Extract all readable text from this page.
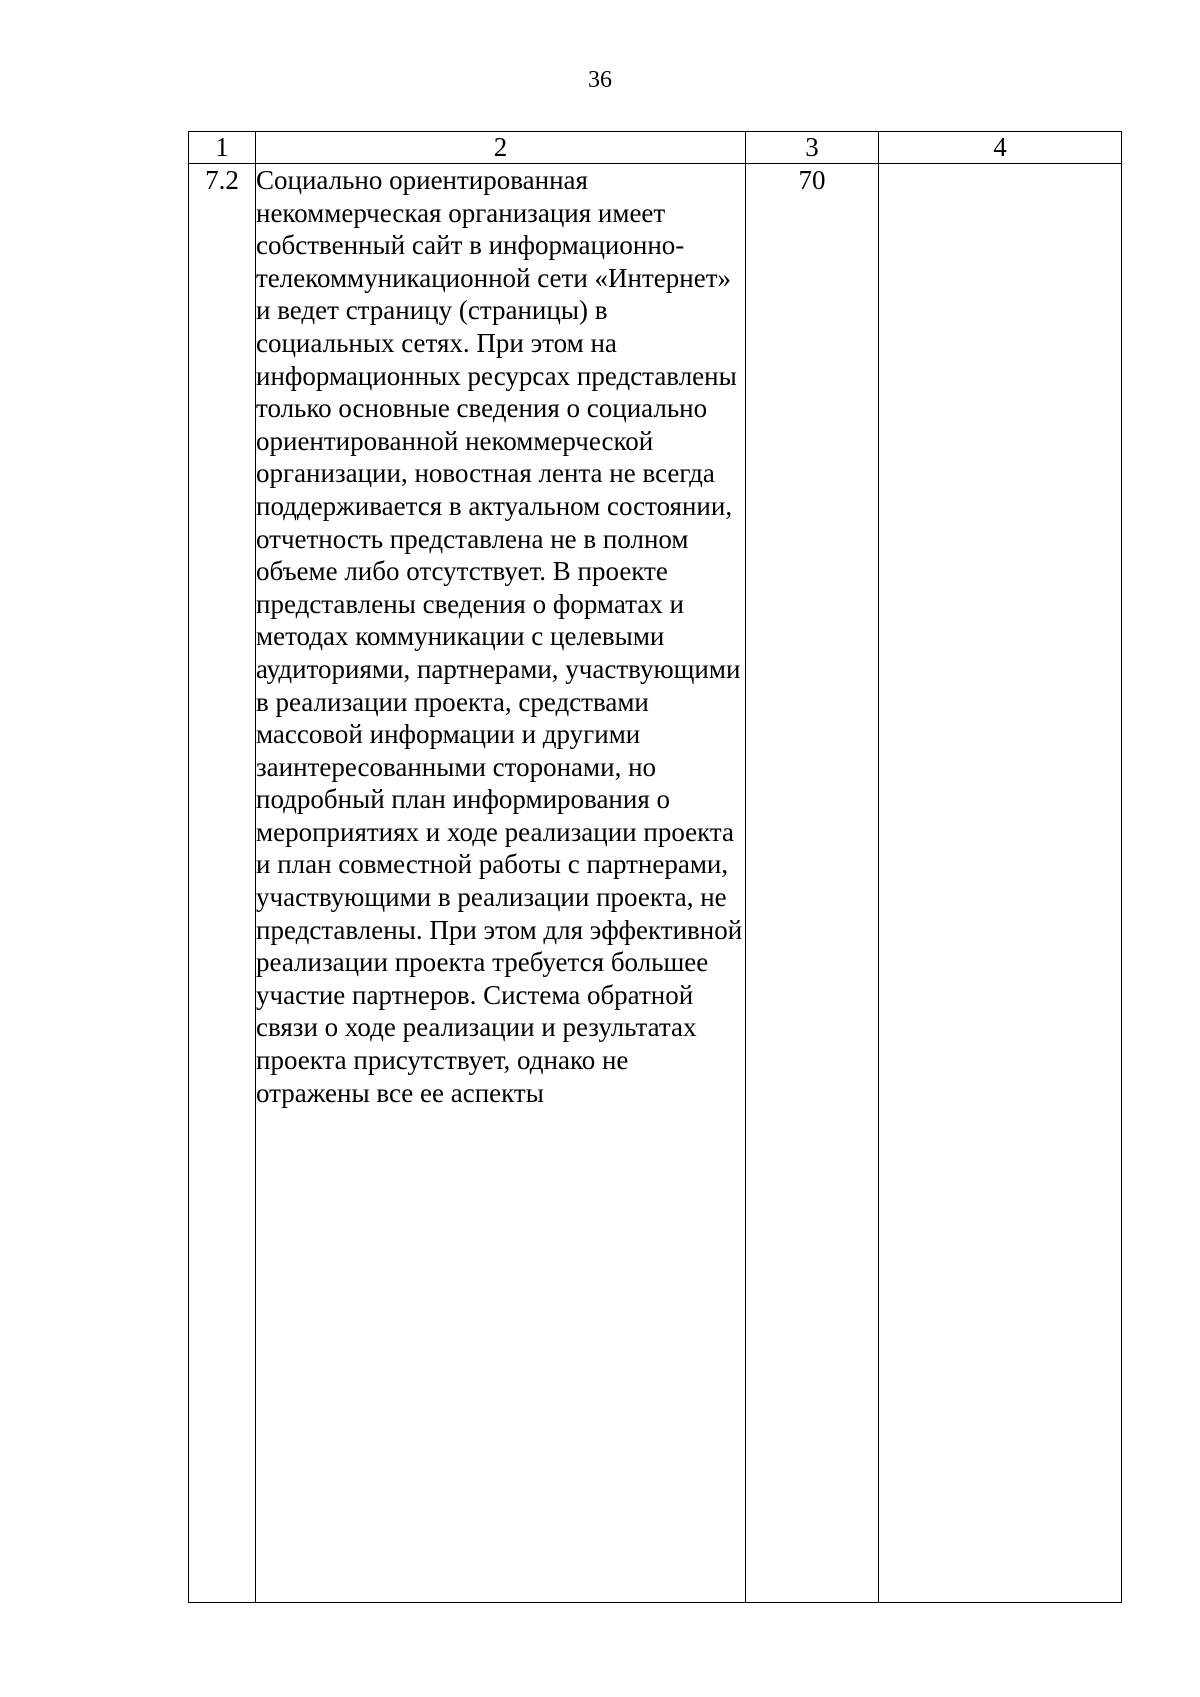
36
1	2	3	4
7.2	Социально ориентированная некоммерческая организация имеет собственный сайт в информационно-телекоммуникационной сети «Интернет» и ведет страницу (страницы) в социальных сетях. При этом на информационных ресурсах представлены только основные сведения о социально ориентированной некоммерческой организации, новостная лента не всегда поддерживается в актуальном состоянии, отчетность представлена не в полном объеме либо отсутствует. В проекте представлены сведения о форматах и методах коммуникации с целевыми аудиториями, партнерами, участвующими в реализации проекта, средствами массовой информации и другими заинтересованными сторонами, но подробный план информирования о мероприятиях и ходе реализации проекта и план совместной работы с партнерами, участвующими в реализации проекта, не представлены. При этом для эффективной реализации проекта требуется большее участие партнеров. Система обратной связи о ходе реализации и результатах проекта присутствует, однако не отражены все ее аспекты	70	
